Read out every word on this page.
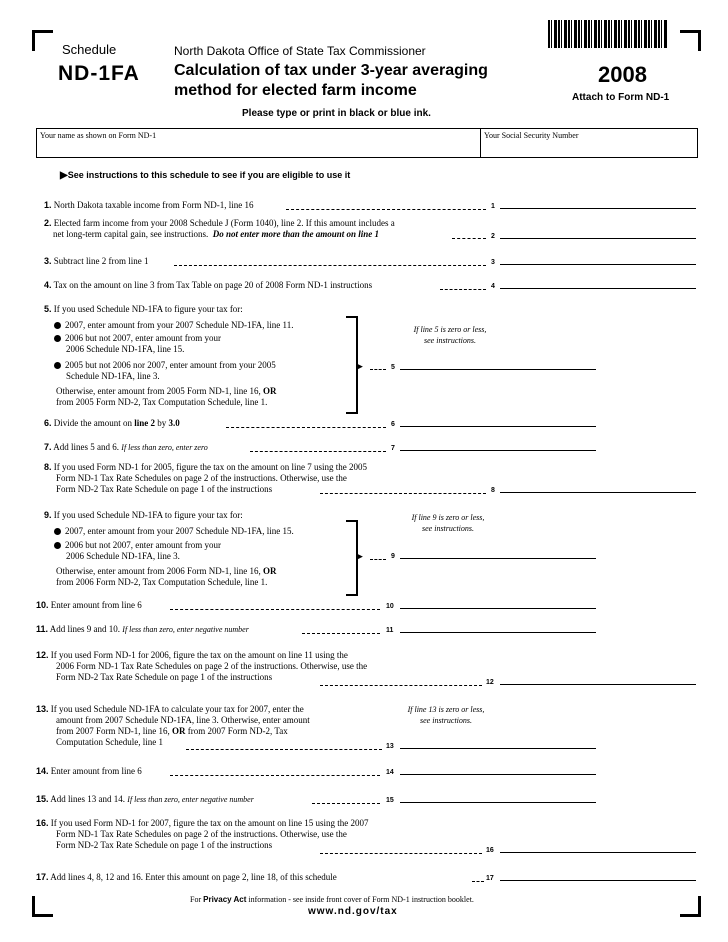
Schedule
ND-1FA
North Dakota Office of State Tax Commissioner
Calculation of tax under 3-year averaging
method for elected farm income
2008
Attach to Form ND-1
Please type or print in black or blue ink.
Your name as shown on Form ND-1	Your Social Security Number
▶See instructions to this schedule to see if you are eligible to use it
1. North Dakota taxable income from Form ND-1, line 16	1
2. Elected farm income from your 2008 Schedule J (Form 1040), line 2. If this amount includes a
net long-term capital gain, see instructions. Do not enter more than the amount on line 1	2
3. Subtract line 2 from line 1	3
4. Tax on the amount on line 3 from Tax Table on page 20 of 2008 Form ND-1 instructions	4
5. If you used Schedule ND-1FA to figure your tax for:
2007, enter amount from your 2007 Schedule ND-1FA, line 11.
2006 but not 2007, enter amount from your
2006 Schedule ND-1FA, line 15.
2005 but not 2006 nor 2007, enter amount from your 2005
Schedule ND-1FA, line 3.
Otherwise, enter amount from 2005 Form ND-1, line 16, OR
from 2005 Form ND-2, Tax Computation Schedule, line 1.
▶
If line 5 is zero or less,
see instructions.
5
6. Divide the amount on line 2 by 3.0	6
7. Add lines 5 and 6. If less than zero, enter zero	7
8. If you used Form ND-1 for 2005, figure the tax on the amount on line 7 using the 2005
Form ND-1 Tax Rate Schedules on page 2 of the instructions. Otherwise, use the
Form ND-2 Tax Rate Schedule on page 1 of the instructions	8
9. If you used Schedule ND-1FA to figure your tax for:
2007, enter amount from your 2007 Schedule ND-1FA, line 15.
2006 but not 2007, enter amount from your
2006 Schedule ND-1FA, line 3.
Otherwise, enter amount from 2006 Form ND-1, line 16, OR
from 2006 Form ND-2, Tax Computation Schedule, line 1.
▶
If line 9 is zero or less,
see instructions.
9
10. Enter amount from line 6	10
11. Add lines 9 and 10. If less than zero, enter negative number	11
12. If you used Form ND-1 for 2006, figure the tax on the amount on line 11 using the
2006 Form ND-1 Tax Rate Schedules on page 2 of the instructions. Otherwise, use the
Form ND-2 Tax Rate Schedule on page 1 of the instructions
12
13. If you used Schedule ND-1FA to calculate your tax for 2007, enter the
amount from 2007 Schedule ND-1FA, line 3. Otherwise, enter amount
from 2007 Form ND-1, line 16, OR from 2007 Form ND-2, Tax
Computation Schedule, line 1
If line 13 is zero or less,
see instructions.
13
14. Enter amount from line 6	14
15. Add lines 13 and 14. If less than zero, enter negative number	15
16. If you used Form ND-1 for 2007, figure the tax on the amount on line 15 using the 2007
Form ND-1 Tax Rate Schedules on page 2 of the instructions. Otherwise, use the
Form ND-2 Tax Rate Schedule on page 1 of the instructions
16
17. Add lines 4, 8, 12 and 16. Enter this amount on page 2, line 18, of this schedule	17
For Privacy Act information - see inside front cover of Form ND-1 instruction booklet.
www.nd.gov/tax
